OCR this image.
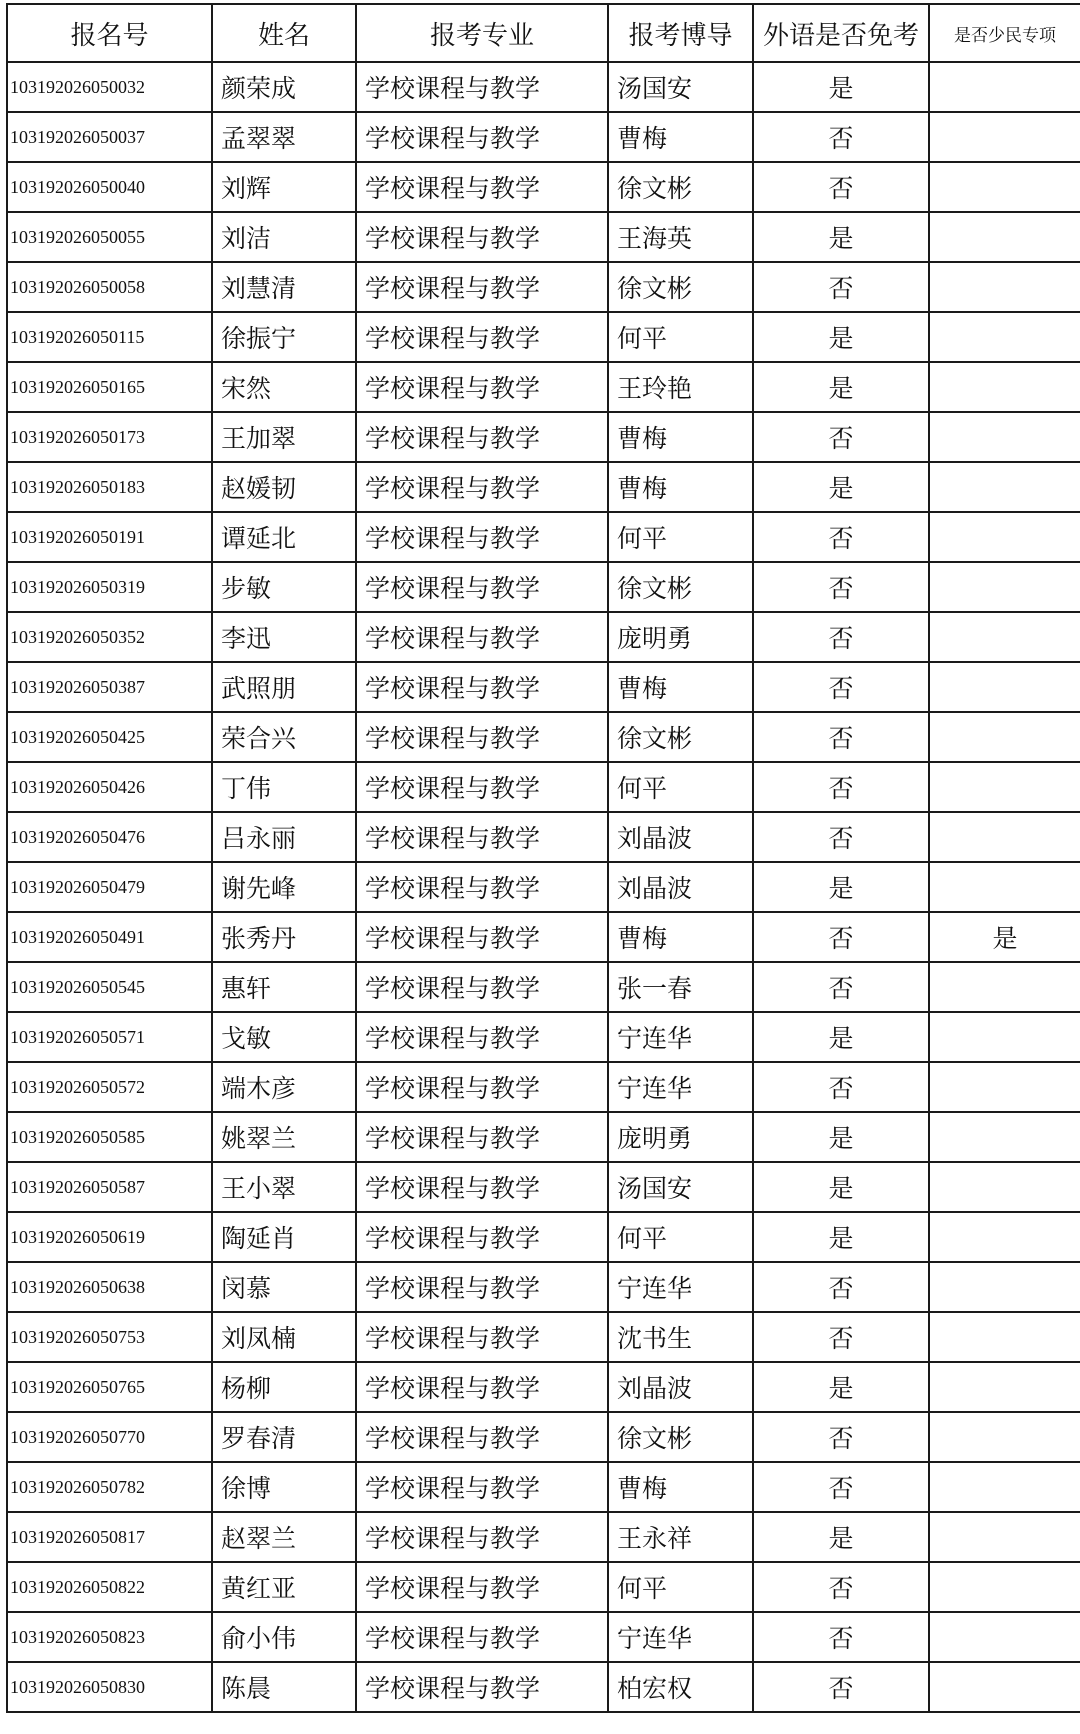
报名号	姓名	报考专业	报考博导	外语是否免考	是否少民专项
103192026050032	颜荣成	学校课程与教学	汤国安	是	
103192026050037	孟翠翠	学校课程与教学	曹梅	否	
103192026050040	刘辉	学校课程与教学	徐文彬	否	
103192026050055	刘洁	学校课程与教学	王海英	是	
103192026050058	刘慧清	学校课程与教学	徐文彬	否	
103192026050115	徐振宁	学校课程与教学	何平	是	
103192026050165	宋然	学校课程与教学	王玲艳	是	
103192026050173	王加翠	学校课程与教学	曹梅	否	
103192026050183	赵媛韧	学校课程与教学	曹梅	是	
103192026050191	谭延北	学校课程与教学	何平	否	
103192026050319	步敏	学校课程与教学	徐文彬	否	
103192026050352	李迅	学校课程与教学	庞明勇	否	
103192026050387	武照朋	学校课程与教学	曹梅	否	
103192026050425	荣合兴	学校课程与教学	徐文彬	否	
103192026050426	丁伟	学校课程与教学	何平	否	
103192026050476	吕永丽	学校课程与教学	刘晶波	否	
103192026050479	谢先峰	学校课程与教学	刘晶波	是	
103192026050491	张秀丹	学校课程与教学	曹梅	否	是
103192026050545	惠轩	学校课程与教学	张一春	否	
103192026050571	戈敏	学校课程与教学	宁连华	是	
103192026050572	端木彦	学校课程与教学	宁连华	否	
103192026050585	姚翠兰	学校课程与教学	庞明勇	是	
103192026050587	王小翠	学校课程与教学	汤国安	是	
103192026050619	陶延肖	学校课程与教学	何平	是	
103192026050638	闵慕	学校课程与教学	宁连华	否	
103192026050753	刘凤楠	学校课程与教学	沈书生	否	
103192026050765	杨柳	学校课程与教学	刘晶波	是	
103192026050770	罗春清	学校课程与教学	徐文彬	否	
103192026050782	徐博	学校课程与教学	曹梅	否	
103192026050817	赵翠兰	学校课程与教学	王永祥	是	
103192026050822	黄红亚	学校课程与教学	何平	否	
103192026050823	俞小伟	学校课程与教学	宁连华	否	
103192026050830	陈晨	学校课程与教学	柏宏权	否	
